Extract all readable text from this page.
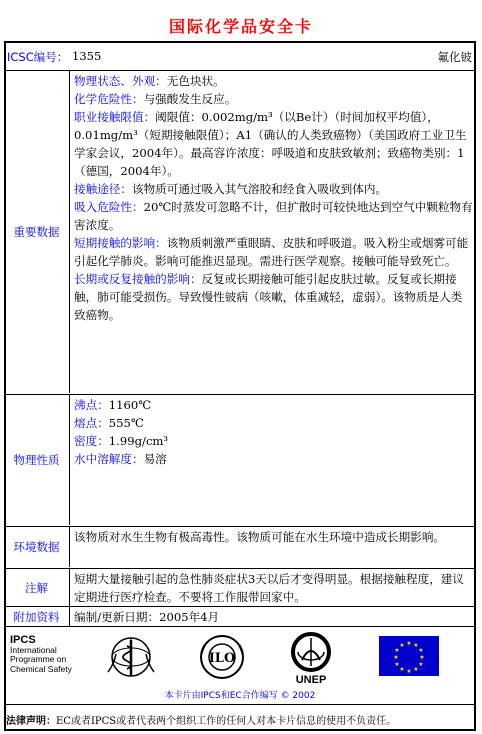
国际化学品安全卡
ICSC编号： 1355	氟化铍
重要数据

物理状态、外观：无色块状。

化学危险性：与强酸发生反应。

职业接触限值：阈限值：0.002mg/m³（以Be计）（时间加权平均值），0.01mg/m³（短期接触限值）；A1（确认的人类致癌物）（美国政府工业卫生学家会议，2004年）。最高容许浓度：呼吸道和皮肤致敏剂；致癌物类别：1（德国，2004年）。

接触途径：该物质可通过吸入其气溶胶和经食入吸收到体内。

吸入危险性：20℃时蒸发可忽略不计，但扩散时可较快地达到空气中颗粒物有害浓度。

短期接触的影响：该物质刺激严重眼睛、皮肤和呼吸道。吸入粉尘或烟雾可能引起化学肺炎。影响可能推迟显现。需进行医学观察。接触可能导致死亡。

长期或反复接触的影响：反复或长期接触可能引起皮肤过敏。反复或长期接触，肺可能受损伤。导致慢性铍病（咳嗽，体重减轻，虚弱）。该物质是人类致癌物。

物理性质

沸点：1160℃

熔点：555℃

密度：1.99g/cm³

水中溶解度：易溶

环境数据
该物质对水生生物有极高毒性。该物质可能在水生环境中造成长期影响。
注解
短期大量接触引起的急性肺炎症状3天以后才变得明显。根据接触程度，建议定期进行医疗检查。不要将工作服带回家中。
附加资料	编制/更新日期：2005年4月
IPCS
International
Programme on
Chemical Safety
ILO
UNEP
★ ★
★
★
★
★
★
★
★
★
★
★
本卡片由IPCS和EC合作编写 © 2002
法律声明：EC或者IPCS或者代表两个组织工作的任何人对本卡片信息的使用不负责任。
